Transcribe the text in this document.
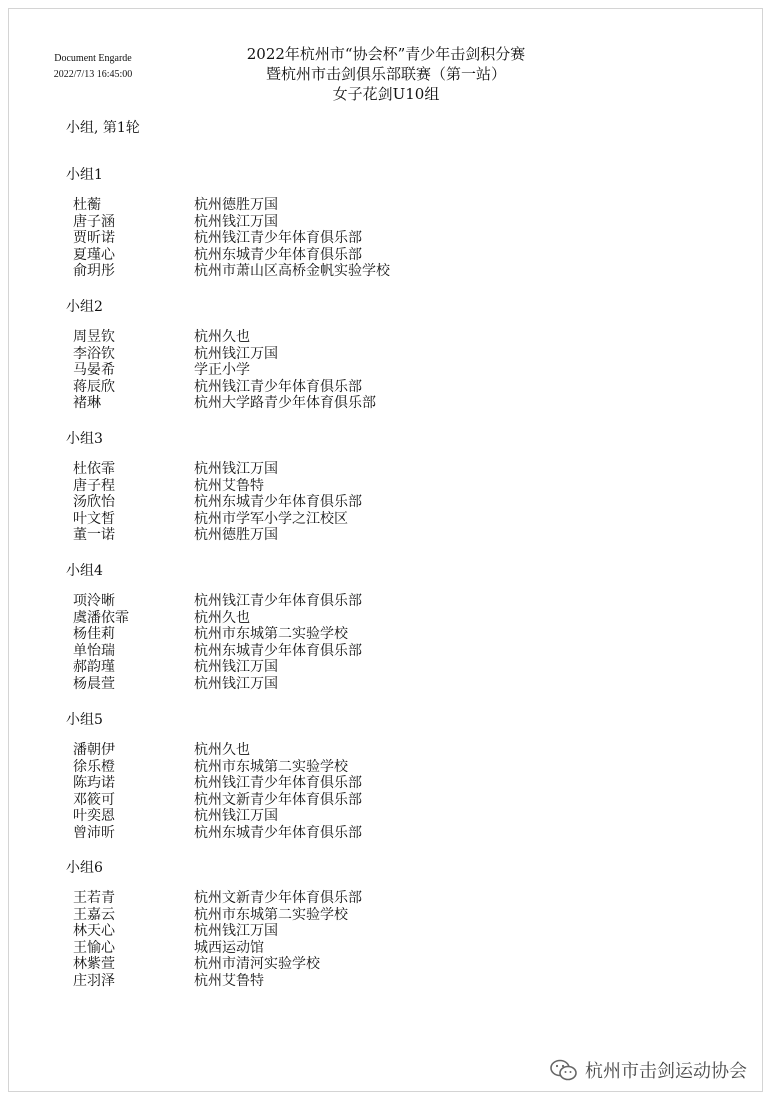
Document Engarde
2022/7/13 16:45:00
2022年杭州市“协会杯”青少年击剑积分赛
暨杭州市击剑俱乐部联赛（第一站）
女子花剑U10组
小组, 第1轮
小组1
杜蘅	杭州德胜万国
唐子涵	杭州钱江万国
贾昕诺	杭州钱江青少年体育俱乐部
夏瑾心	杭州东城青少年体育俱乐部
俞玥彤	杭州市萧山区高桥金帆实验学校
小组2
周昱钦	杭州久也
李浴钦	杭州钱江万国
马晏希	学正小学
蒋辰欣	杭州钱江青少年体育俱乐部
褚琳	杭州大学路青少年体育俱乐部
小组3
杜依霏	杭州钱江万国
唐子程	杭州艾鲁特
汤欣怡	杭州东城青少年体育俱乐部
叶文皙	杭州市学军小学之江校区
董一诺	杭州德胜万国
小组4
项泠晰	杭州钱江青少年体育俱乐部
虞潘依霏	杭州久也
杨佳莉	杭州市东城第二实验学校
单怡瑞	杭州东城青少年体育俱乐部
郝韵瑾	杭州钱江万国
杨晨萱	杭州钱江万国
小组5
潘朝伊	杭州久也
徐乐橙	杭州市东城第二实验学校
陈玙诺	杭州钱江青少年体育俱乐部
邓筱可	杭州文新青少年体育俱乐部
叶奕恩	杭州钱江万国
曾沛昕	杭州东城青少年体育俱乐部
小组6
王若青	杭州文新青少年体育俱乐部
王嘉云	杭州市东城第二实验学校
林天心	杭州钱江万国
王愉心	城西运动馆
林紫萱	杭州市清河实验学校
庄羽泽	杭州艾鲁特
杭州市击剑运动协会
